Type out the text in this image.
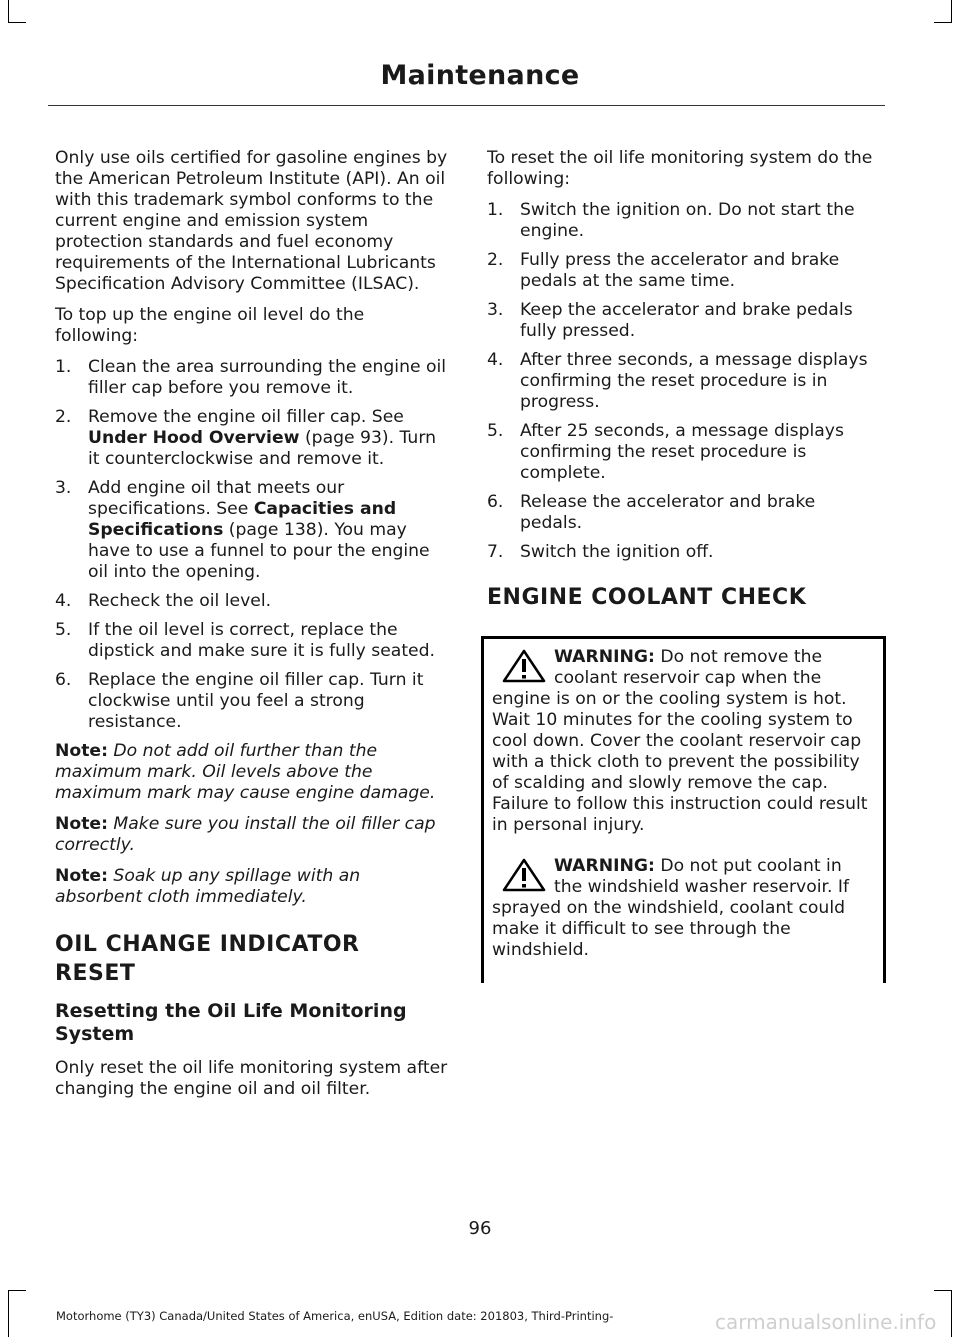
Maintenance

Only use oils certified for gasoline engines by the American Petroleum Institute (API). An oil with this trademark symbol conforms to the current engine and emission system protection standards and fuel economy requirements of the International Lubricants Specification Advisory Committee (ILSAC).

To top up the engine oil level do the following:

1. Clean the area surrounding the engine oil filler cap before you remove it.
2. Remove the engine oil filler cap. See Under Hood Overview (page 93). Turn it counterclockwise and remove it.
3. Add engine oil that meets our specifications. See Capacities and Specifications (page 138). You may have to use a funnel to pour the engine oil into the opening.
4. Recheck the oil level.
5. If the oil level is correct, replace the dipstick and make sure it is fully seated.
6. Replace the engine oil filler cap. Turn it clockwise until you feel a strong resistance.

Note: Do not add oil further than the maximum mark. Oil levels above the maximum mark may cause engine damage.

Note: Make sure you install the oil filler cap correctly.

Note: Soak up any spillage with an absorbent cloth immediately.

OIL CHANGE INDICATOR
RESET
Resetting the Oil Life Monitoring System

Only reset the oil life monitoring system after changing the engine oil and oil filter.

To reset the oil life monitoring system do the following:

1. Switch the ignition on. Do not start the engine.
2. Fully press the accelerator and brake pedals at the same time.
3. Keep the accelerator and brake pedals fully pressed.
4. After three seconds, a message displays confirming the reset procedure is in progress.
5. After 25 seconds, a message displays confirming the reset procedure is complete.
6. Release the accelerator and brake pedals.
7. Switch the ignition off.
ENGINE COOLANT CHECK
WARNING: Do not remove the coolant reservoir cap when the engine is on or the cooling system is hot. Wait 10 minutes for the cooling system to cool down. Cover the coolant reservoir cap with a thick cloth to prevent the possibility of scalding and slowly remove the cap. Failure to follow this instruction could result in personal injury.
WARNING: Do not put coolant in the windshield washer reservoir. If sprayed on the windshield, coolant could make it difficult to see through the windshield.
96
Motorhome (TY3) Canada/United States of America, enUSA, Edition date: 201803, Third-Printing-	carmanualsonline.info
